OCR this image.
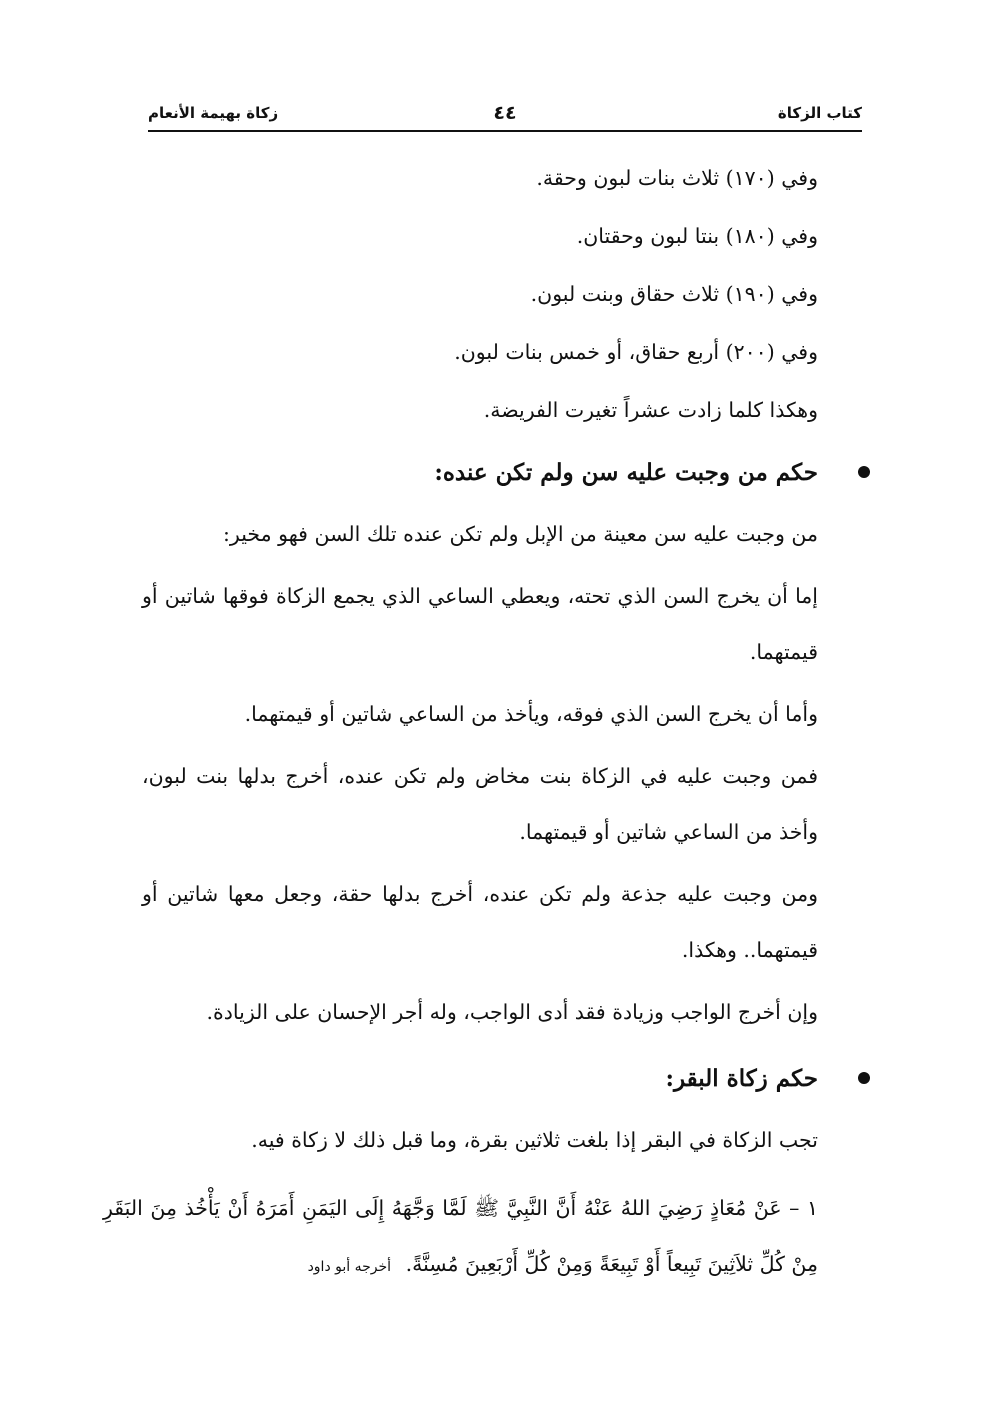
كتاب الزكاة
٤٤
زكاة بهيمة الأنعام

وفي (١٧٠) ثلاث بنات لبون وحقة.

وفي (١٨٠) بنتا لبون وحقتان.

وفي (١٩٠) ثلاث حقاق وبنت لبون.

وفي (٢٠٠) أربع حقاق، أو خمس بنات لبون.

وهكذا كلما زادت عشراً تغيرت الفريضة.

حكم من وجبت عليه سن ولم تكن عنده:

من وجبت عليه سن معينة من الإبل ولم تكن عنده تلك السن فهو مخير:

إما أن يخرج السن الذي تحته، ويعطي الساعي الذي يجمع الزكاة فوقها شاتين أو قيمتهما.

وأما أن يخرج السن الذي فوقه، ويأخذ من الساعي شاتين أو قيمتهما.

فمن وجبت عليه في الزكاة بنت مخاض ولم تكن عنده، أخرج بدلها بنت لبون، وأخذ من الساعي شاتين أو قيمتهما.

ومن وجبت عليه جذعة ولم تكن عنده، أخرج بدلها حقة، وجعل معها شاتين أو قيمتهما.. وهكذا.

وإن أخرج الواجب وزيادة فقد أدى الواجب، وله أجر الإحسان على الزيادة.

حكم زكاة البقر:

تجب الزكاة في البقر إذا بلغت ثلاثين بقرة، وما قبل ذلك لا زكاة فيه.

١ – عَنْ مُعَاذٍ رَضِيَ اللهُ عَنْهُ أَنَّ النَّبِيَّ ﷺ لَمَّا وَجَّهَهُ إِلَى اليَمَنِ أَمَرَهُ أَنْ يَأْخُذ مِنَ البَقَرِ مِنْ كُلِّ ثلاَثِينَ تَبِيعاً أَوْ تَبِيعَةً وَمِنْ كُلِّ أَرْبَعِينَ مُسِنَّةً. أخرجه أبو داود
